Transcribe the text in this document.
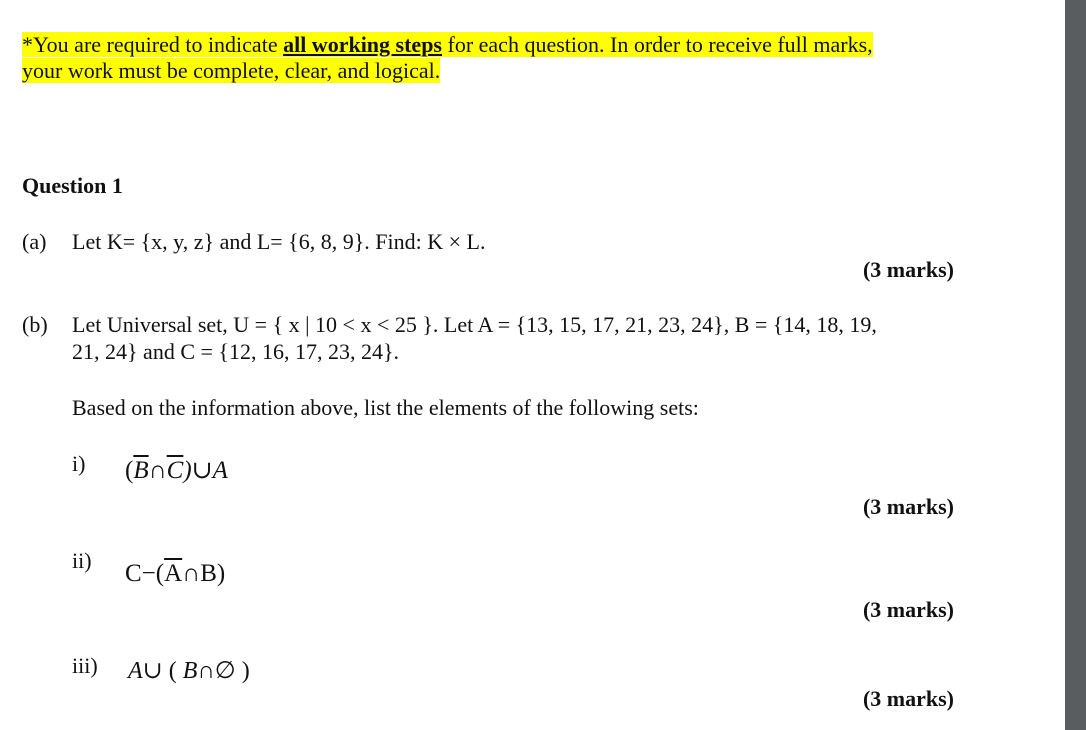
*You are required to indicate all working steps for each question. In order to receive full marks,
your work must be complete, clear, and logical.
Question 1
(a) Let K= {x, y, z} and L= {6, 8, 9}. Find: K × L.
(3 marks)
(b) Let Universal set, U = { x | 10 < x < 25 }. Let A = {13, 15, 17, 21, 23, 24}, B = {14, 18, 19,
21, 24} and C = {12, 16, 17, 23, 24}.
Based on the information above, list the elements of the following sets:
i) $(\overline{B}\cap\overline{C})\cup A$
(3 marks)
ii) $C-(\overline{A}\cap B)$
(3 marks)
iii) A∪ ( B∩∅ )
(3 marks)
